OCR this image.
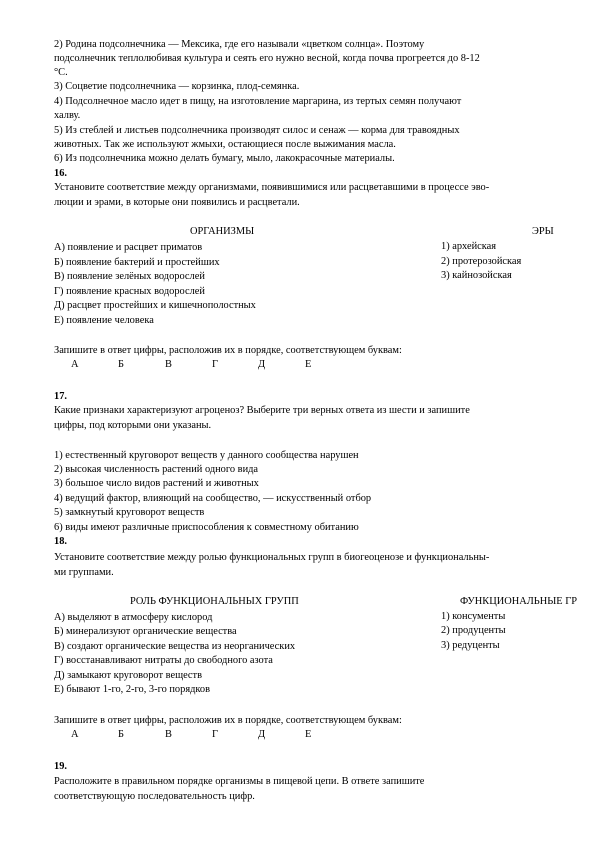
2) Родина подсолнечника — Мексика, где его называли «цветком солнца». Поэтому
подсолнечник теплолюбивая культура и сеять его нужно весной, когда почва прогреется до 8-12
°С.
3) Соцветие подсолнечника — корзинка, плод-семянка.
4) Подсолнечное масло идет в пищу, на изготовление маргарина, из тертых семян получают
халву.
5) Из стеблей и листьев подсолнечника производят силос и сенаж — корма для травоядных
животных. Так же используют жмыхи, остающиеся после выжимания масла.
6) Из подсолнечника можно делать бумагу, мыло, лакокрасочные материалы.
16.
Установите соответствие между организмами, появившимися или расцветавшими в процессе эво-
люции и эрами, в которые они появились и расцветали.
ОРГАНИЗМЫ	ЭРЫ
А) появление и расцвет приматов
Б) появление бактерий и простейших
В) появление зелёных водорослей
Г) появление красных водорослей
Д) расцвет простейших и кишечнополостных
Е) появление человека
1) архейская
2) протерозойская
3) кайнозойская
Запишите в ответ цифры, расположив их в порядке, соответствующем буквам:
А	Б	В	Г	Д	Е
17.
Какие признаки характеризуют агроценоз? Выберите три верных ответа из шести и запишите
цифры, под которыми они указаны.
1) естественный круговорот веществ у данного сообщества нарушен
2) высокая численность растений одного вида
3) большое число видов растений и животных
4) ведущий фактор, влияющий на сообщество, — искусственный отбор
5) замкнутый круговорот веществ
6) виды имеют различные приспособления к совместному обитанию
18.
Установите соответствие между ролью функциональных групп в биогеоценозе и функциональны-
ми группами.
РОЛЬ ФУНКЦИОНАЛЬНЫХ ГРУПП	ФУНКЦИОНАЛЬНЫЕ ГР
А) выделяют в атмосферу кислород
Б) минерализуют органические вещества
В) создают органические вещества из неорганических
Г) восстанавливают нитраты до свободного азота
Д) замыкают круговорот веществ
Е) бывают 1-го, 2-го, 3-го порядков
1) консументы
2) продуценты
3) редуценты
Запишите в ответ цифры, расположив их в порядке, соответствующем буквам:
А	Б	В	Г	Д	Е
19.
Расположите в правильном порядке организмы в пищевой цепи. В ответе запишите
соответствующую последовательность цифр.
